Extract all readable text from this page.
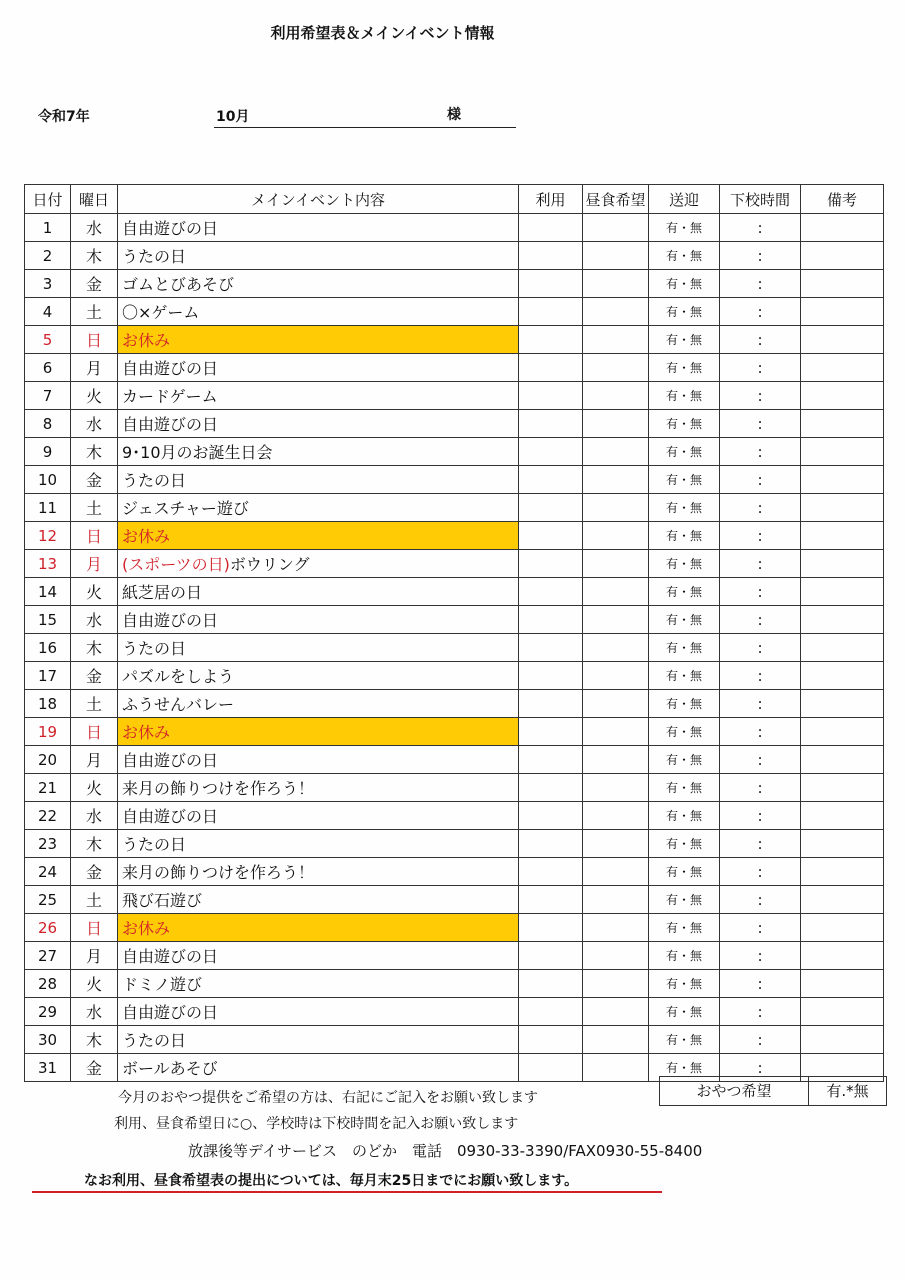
利用希望表＆メインイベント情報
令和7年	10月	様
日付	曜日	メインイベント内容	利用	昼食希望	送迎	下校時間	備考
1	水	自由遊びの日			有・無	:	
2	木	うたの日			有・無	:	
3	金	ゴムとびあそび			有・無	:	
4	土	〇×ゲーム			有・無	:	
5	日	お休み			有・無	:	
6	月	自由遊びの日			有・無	:	
7	火	カードゲーム			有・無	:	
8	水	自由遊びの日			有・無	:	
9	木	9･10月のお誕生日会			有・無	:	
10	金	うたの日			有・無	:	
11	土	ジェスチャー遊び			有・無	:	
12	日	お休み			有・無	:	
13	月	(スポーツの日)ボウリング			有・無	:	
14	火	紙芝居の日			有・無	:	
15	水	自由遊びの日			有・無	:	
16	木	うたの日			有・無	:	
17	金	パズルをしよう			有・無	:	
18	土	ふうせんバレー			有・無	:	
19	日	お休み			有・無	:	
20	月	自由遊びの日			有・無	:	
21	火	来月の飾りつけを作ろう！			有・無	:	
22	水	自由遊びの日			有・無	:	
23	木	うたの日			有・無	:	
24	金	来月の飾りつけを作ろう！			有・無	:	
25	土	飛び石遊び			有・無	:	
26	日	お休み			有・無	:	
27	月	自由遊びの日			有・無	:	
28	火	ドミノ遊び			有・無	:	
29	水	自由遊びの日			有・無	:	
30	木	うたの日			有・無	:	
31	金	ボールあそび			有・無	:	
おやつ希望	有.*無
今月のおやつ提供をご希望の方は、右記にご記入をお願い致します
利用、昼食希望日に○、学校時は下校時間を記入お願い致します
放課後等デイサービス　のどか　電話　0930-33-3390/FAX0930-55-8400
なお利用、昼食希望表の提出については、毎月末25日までにお願い致します。
